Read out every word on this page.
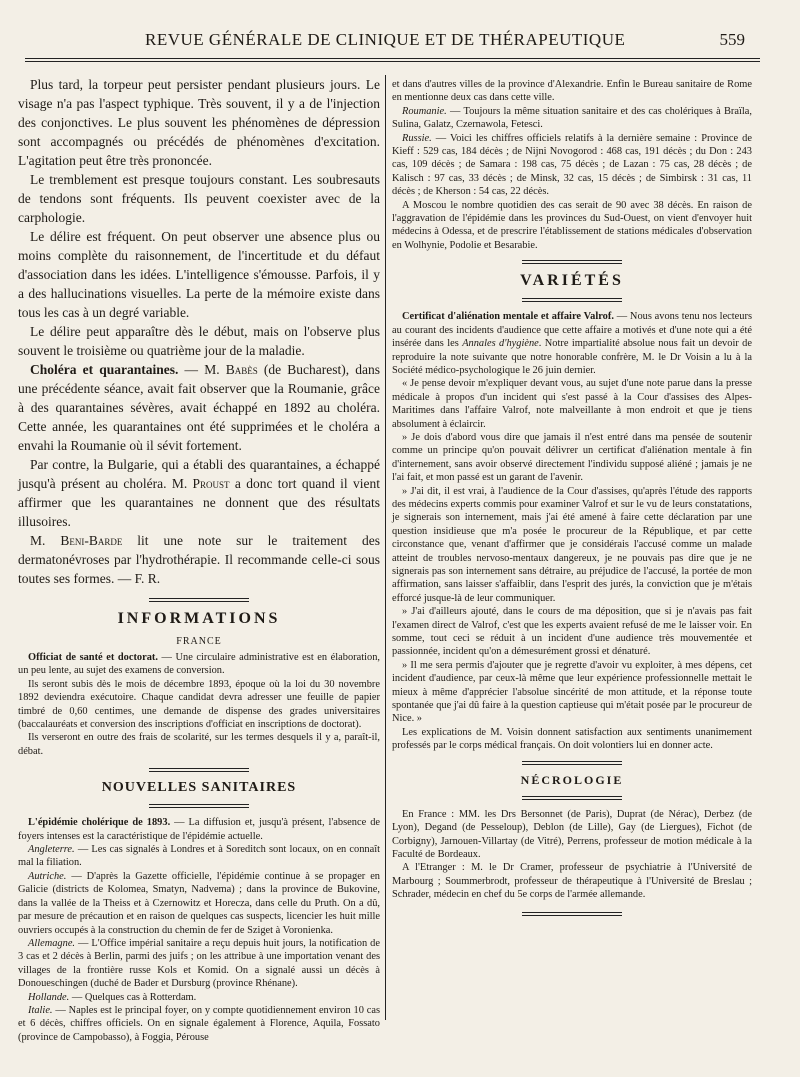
REVUE GÉNÉRALE DE CLINIQUE ET DE THÉRAPEUTIQUE	559

Plus tard, la torpeur peut persister pendant plusieurs jours. Le visage n'a pas l'aspect typhique. Très souvent, il y a de l'injection des conjonctives. Le plus souvent les phénomènes de dépression sont accompagnés ou précédés de phénomènes d'excitation. L'agitation peut être très prononcée.

Le tremblement est presque toujours constant. Les soubresauts de tendons sont fréquents. Ils peuvent coexister avec de la carphologie.

Le délire est fréquent. On peut observer une absence plus ou moins complète du raisonnement, de l'incertitude et du défaut d'association dans les idées. L'intelligence s'émousse. Parfois, il y a des hallucinations visuelles. La perte de la mémoire existe dans tous les cas à un degré variable.

Le délire peut apparaître dès le début, mais on l'observe plus souvent le troisième ou quatrième jour de la maladie.

Choléra et quarantaines. — M. Babès (de Bucharest), dans une précédente séance, avait fait observer que la Roumanie, grâce à des quarantaines sévères, avait échappé en 1892 au choléra. Cette année, les quarantaines ont été supprimées et le choléra a envahi la Roumanie où il sévit fortement.

Par contre, la Bulgarie, qui a établi des quarantaines, a échappé jusqu'à présent au choléra. M. Proust a donc tort quand il vient affirmer que les quarantaines ne donnent que des résultats illusoires.

M. Beni-Barde lit une note sur le traitement des dermatonévroses par l'hydrothérapie. Il recommande celle-ci sous toutes ses formes. — F. R.

INFORMATIONS
FRANCE

Officiat de santé et doctorat. — Une circulaire administrative est en élaboration, un peu lente, au sujet des examens de conversion.

Ils seront subis dès le mois de décembre 1893, époque où la loi du 30 novembre 1892 deviendra exécutoire. Chaque candidat devra adresser une feuille de papier timbré de 0,60 centimes, une demande de dispense des grades universitaires (baccalauréats et conversion des inscriptions d'officiat en inscriptions de doctorat).

Ils verseront en outre des frais de scolarité, sur les termes desquels il y a, paraît-il, débat.

NOUVELLES SANITAIRES

L'épidémie cholérique de 1893. — La diffusion et, jusqu'à présent, l'absence de foyers intenses est la caractéristique de l'épidémie actuelle.

Angleterre. — Les cas signalés à Londres et à Soreditch sont locaux, on en connaît mal la filiation.

Autriche. — D'après la Gazette officielle, l'épidémie continue à se propager en Galicie (districts de Kolomea, Smatyn, Nadvema) ; dans la province de Bukovine, dans la vallée de la Theiss et à Czernowitz et Horecza, dans celle du Pruth. On a dû, par mesure de précaution et en raison de quelques cas suspects, licencier les huit mille ouvriers occupés à la construction du chemin de fer de Sziget à Voronienka.

Allemagne. — L'Office impérial sanitaire a reçu depuis huit jours, la notification de 3 cas et 2 décès à Berlin, parmi des juifs ; on les attribue à une importation venant des villages de la frontière russe Kols et Komid. On a signalé aussi un décès à Donoueschingen (duché de Bader et Dursburg (province Rhénane).

Hollande. — Quelques cas à Rotterdam.

Italie. — Naples est le principal foyer, on y compte quotidiennement environ 10 cas et 6 décès, chiffres officiels. On en signale également à Florence, Aquila, Fossato (province de Campobasso), à Foggia, Pérouse

et dans d'autres villes de la province d'Alexandrie. Enfin le Bureau sanitaire de Rome en mentionne deux cas dans cette ville.

Roumanie. — Toujours la même situation sanitaire et des cas cholériques à Braïla, Sulina, Galatz, Czernawola, Fetesci.

Russie. — Voici les chiffres officiels relatifs à la dernière semaine : Province de Kieff : 529 cas, 184 décès ; de Nijni Novogorod : 468 cas, 191 décès ; du Don : 243 cas, 109 décès ; de Samara : 198 cas, 75 décès ; de Lazan : 75 cas, 28 décès ; de Kalisch : 97 cas, 33 décès ; de Minsk, 32 cas, 15 décès ; de Simbirsk : 31 cas, 11 décès ; de Kherson : 54 cas, 22 décès.

A Moscou le nombre quotidien des cas serait de 90 avec 38 décès. En raison de l'aggravation de l'épidémie dans les provinces du Sud-Ouest, on vient d'envoyer huit médecins à Odessa, et de prescrire l'établissement de stations médicales d'observation en Wolhynie, Podolie et Besarabie.

VARIÉTÉS

Certificat d'aliénation mentale et affaire Valrof. — Nous avons tenu nos lecteurs au courant des incidents d'audience que cette affaire a motivés et d'une note qui a été insérée dans les Annales d'hygiène. Notre impartialité absolue nous fait un devoir de reproduire la note suivante que notre honorable confrère, M. le Dr Voisin a lu à la Société médico-psychologique le 26 juin dernier.

« Je pense devoir m'expliquer devant vous, au sujet d'une note parue dans la presse médicale à propos d'un incident qui s'est passé à la Cour d'assises des Alpes-Maritimes dans l'affaire Valrof, note malveillante à mon endroit et que je tiens absolument à éclaircir.

» Je dois d'abord vous dire que jamais il n'est entré dans ma pensée de soutenir comme un principe qu'on pouvait délivrer un certificat d'aliénation mentale à fin d'internement, sans avoir observé directement l'individu supposé aliéné ; jamais je ne l'ai fait, et mon passé est un garant de l'avenir.

» J'ai dit, il est vrai, à l'audience de la Cour d'assises, qu'après l'étude des rapports des médecins experts commis pour examiner Valrof et sur le vu de leurs constatations, je signerais son internement, mais j'ai été amené à faire cette déclaration par une question insidieuse que m'a posée le procureur de la République, et par cette circonstance que, venant d'affirmer que je considérais l'accusé comme un malade atteint de troubles nervoso-mentaux dangereux, je ne pouvais pas dire que je ne signerais pas son internement sans détraire, au préjudice de l'accusé, la portée de mon affirmation, sans laisser s'affaiblir, dans l'esprit des jurés, la conviction que je m'étais efforcé jusque-là de leur communiquer.

» J'ai d'ailleurs ajouté, dans le cours de ma déposition, que si je n'avais pas fait l'examen direct de Valrof, c'est que les experts avaient refusé de me le laisser voir. En somme, tout ceci se réduit à un incident d'une audience très mouvementée et passionnée, incident qu'on a démesurément grossi et dénaturé.

» Il me sera permis d'ajouter que je regrette d'avoir vu exploiter, à mes dépens, cet incident d'audience, par ceux-là même que leur expérience professionnelle mettait le mieux à même d'apprécier l'absolue sincérité de mon attitude, et la réponse toute spontanée que j'ai dû faire à la question captieuse qui m'était posée par le procureur de Nice. »

Les explications de M. Voisin donnent satisfaction aux sentiments unanimement professés par le corps médical français. On doit volontiers lui en donner acte.

NÉCROLOGIE

En France : MM. les Drs Bersonnet (de Paris), Duprat (de Nérac), Derbez (de Lyon), Degand (de Pesseloup), Deblon (de Lille), Gay (de Liergues), Fichot (de Corbigny), Jarnouen-Villartay (de Vitré), Perrens, professeur de motion médicale à la Faculté de Bordeaux.

A l'Etranger : M. le Dr Cramer, professeur de psychiatrie à l'Université de Marbourg ; Soummerbrodt, professeur de thérapeutique à l'Université de Breslau ; Schrader, médecin en chef du 5e corps de l'armée allemande.
